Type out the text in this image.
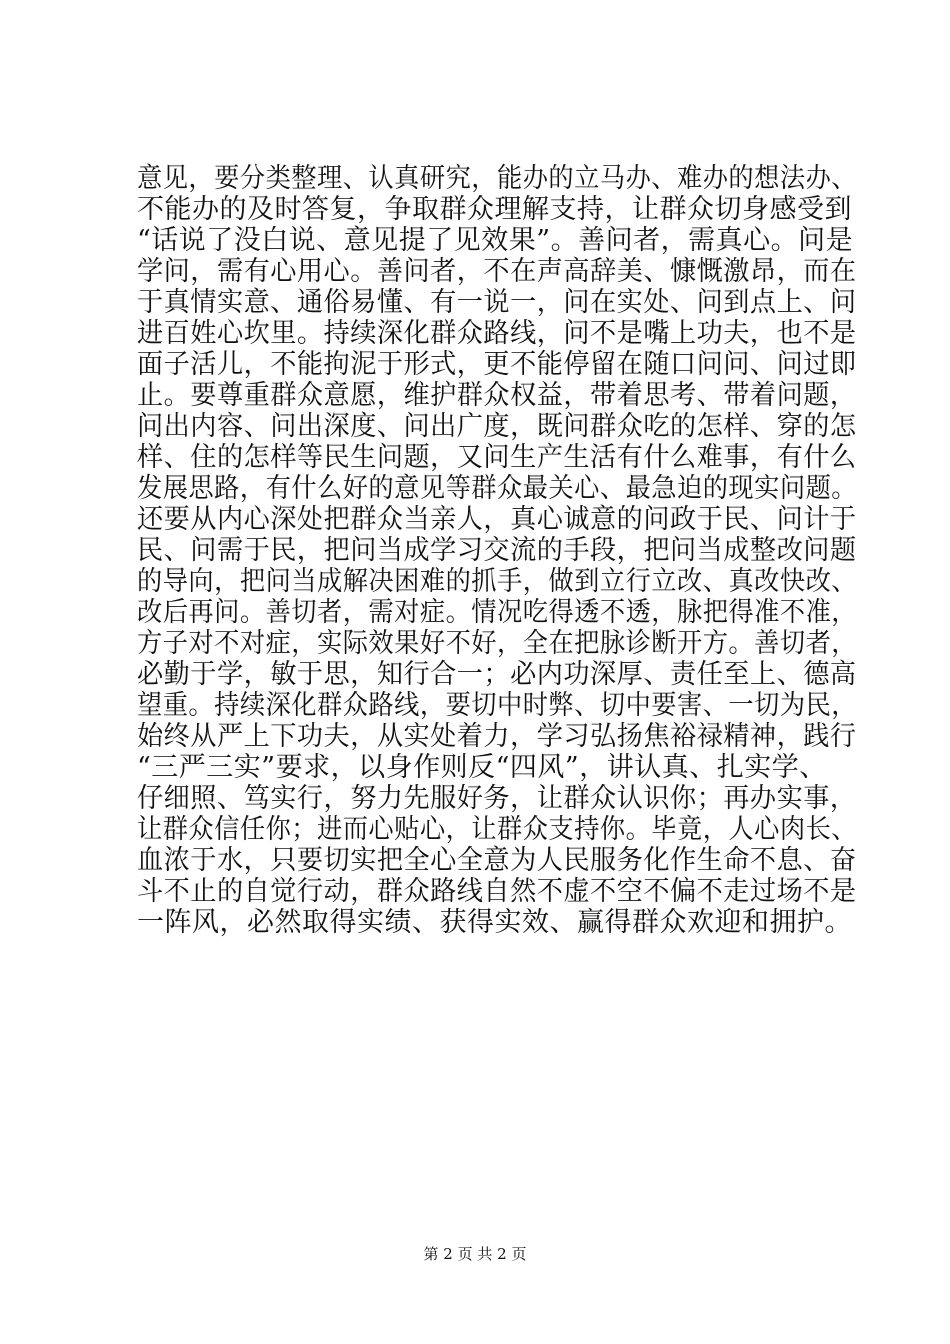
意见，要分类整理、认真研究，能办的立马办、难办的想法办、
不能办的及时答复，争取群众理解支持，让群众切身感受到
“话说了没白说、意见提了见效果”。善问者，需真心。问是
学问，需有心用心。善问者，不在声高辞美、慷慨激昂，而在
于真情实意、通俗易懂、有一说一，问在实处、问到点上、问
进百姓心坎里。持续深化群众路线，问不是嘴上功夫，也不是
面子活儿，不能拘泥于形式，更不能停留在随口问问、问过即
止。要尊重群众意愿，维护群众权益，带着思考、带着问题，
问出内容、问出深度、问出广度，既问群众吃的怎样、穿的怎
样、住的怎样等民生问题，又问生产生活有什么难事，有什么
发展思路，有什么好的意见等群众最关心、最急迫的现实问题。
还要从内心深处把群众当亲人，真心诚意的问政于民、问计于
民、问需于民，把问当成学习交流的手段，把问当成整改问题
的导向，把问当成解决困难的抓手，做到立行立改、真改快改、
改后再问。善切者，需对症。情况吃得透不透，脉把得准不准，
方子对不对症，实际效果好不好，全在把脉诊断开方。善切者，
必勤于学，敏于思，知行合一；必内功深厚、责任至上、德高
望重。持续深化群众路线，要切中时弊、切中要害、一切为民，
始终从严上下功夫，从实处着力，学习弘扬焦裕禄精神，践行
“三严三实”要求，以身作则反“四风”，讲认真、扎实学、
仔细照、笃实行，努力先服好务，让群众认识你；再办实事，
让群众信任你；进而心贴心，让群众支持你。毕竟，人心肉长、
血浓于水，只要切实把全心全意为人民服务化作生命不息、奋
斗不止的自觉行动，群众路线自然不虚不空不偏不走过场不是
一阵风，必然取得实绩、获得实效、赢得群众欢迎和拥护。
第 2 页 共 2 页
